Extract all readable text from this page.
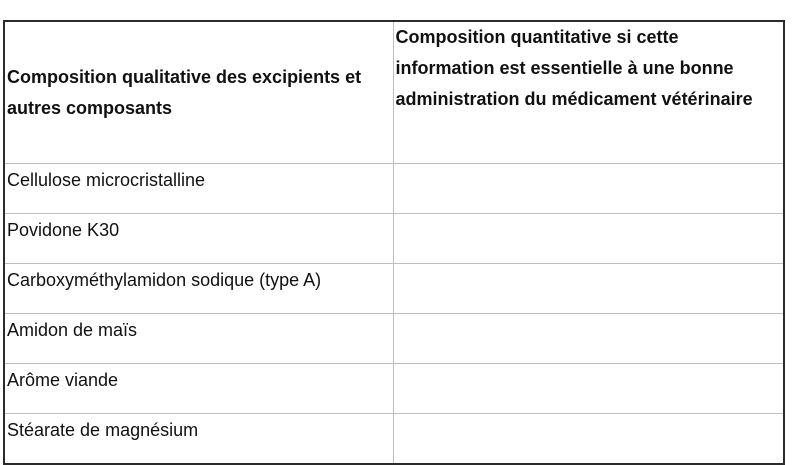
Composition qualitative des excipients et autres composants	Composition quantitative si cette information est essentielle à une bonne administration du médicament vétérinaire
Cellulose microcristalline	
Povidone K30	
Carboxyméthylamidon sodique (type A)	
Amidon de maïs	
Arôme viande	
Stéarate de magnésium	
